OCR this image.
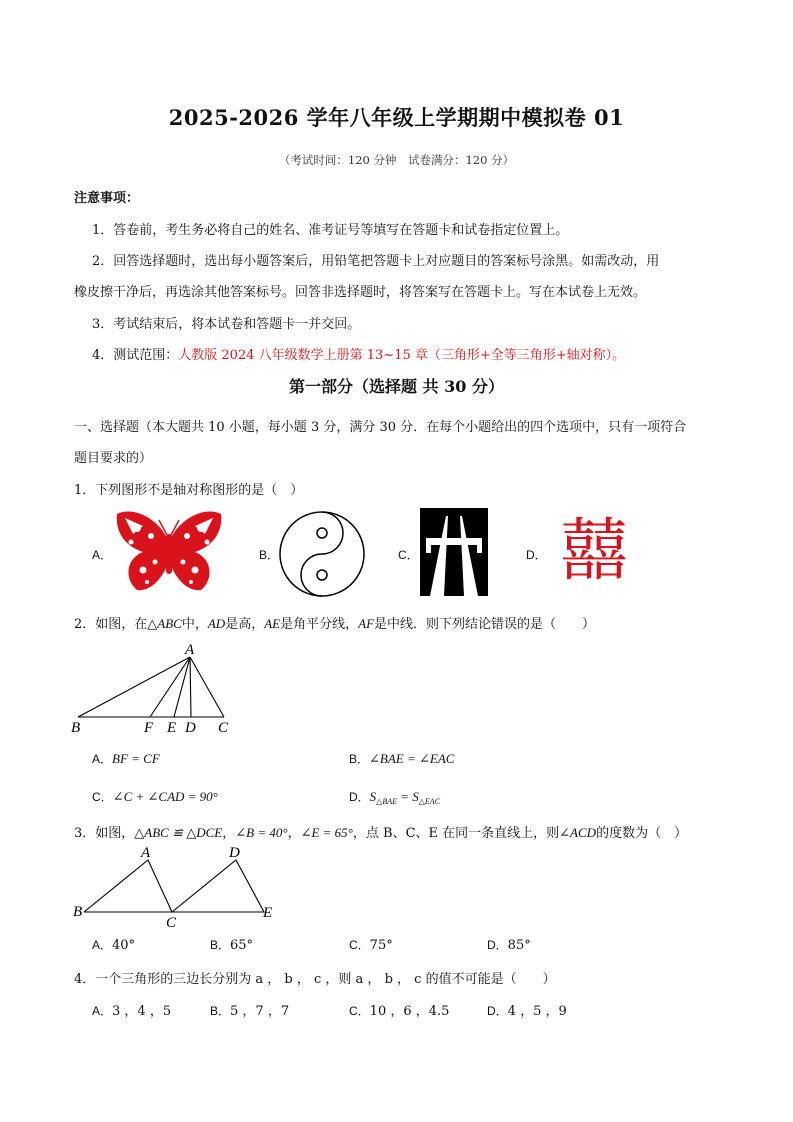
2025-2026 学年八年级上学期期中模拟卷 01
（考试时间：120 分钟　试卷满分：120 分）
注意事项：
1．答卷前，考生务必将自己的姓名、准考证号等填写在答题卡和试卷指定位置上。
2．回答选择题时，选出每小题答案后，用铅笔把答题卡上对应题目的答案标号涂黑。如需改动，用
橡皮擦干净后，再选涂其他答案标号。回答非选择题时，将答案写在答题卡上。写在本试卷上无效。
3．考试结束后，将本试卷和答题卡一并交回。
4．测试范围：人教版 2024 八年级数学上册第 13~15 章（三角形+全等三角形+轴对称）。
第一部分（选择题 共 30 分）
一、选择题（本大题共 10 小题，每小题 3 分，满分 30 分．在每个小题给出的四个选项中，只有一项符合
题目要求的）
1．下列图形不是轴对称图形的是（　）
A．	B．	C．	D． 囍
2．如图，在△ABC中，AD是高，AE是角平分线，AF是中线．则下列结论错误的是（　　）
A
B	F E D C
A．BF = CF	B．∠BAE = ∠EAC
C．∠C + ∠CAD = 90°	D．$S_{\triangle BAE} = S_{\triangle EAC}$
3．如图，△ABC ≌ △DCE，∠B = 40°，∠E = 65°，点 B、C、E 在同一条直线上，则∠ACD的度数为（　）
A
B
C
D
E
A．40°	B．65°	C．75°	D．85°
4．一个三角形的三边长分别为 a ， b ， c ，则 a ， b ， c 的值不可能是（　　）
A．3 ，4 ，5	B．5 ，7 ，7	C．10 ，6 ，4.5	D．4 ，5 ，9
